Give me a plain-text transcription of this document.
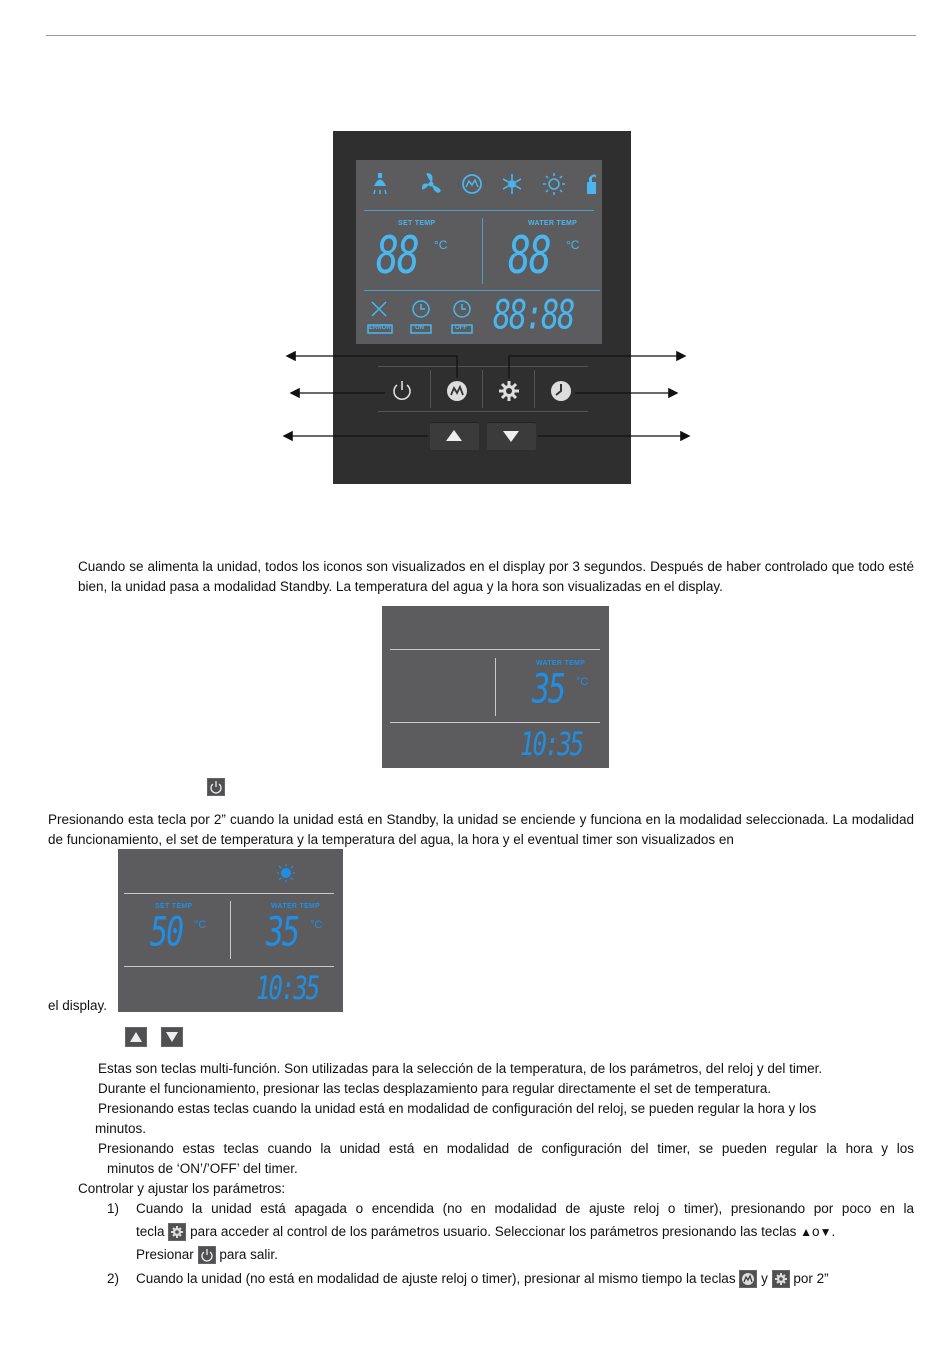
SET TEMP	WATER TEMP
88 °C 88 °C
ERROR	ON	OFF 88:88
Cuando se alimenta la unidad, todos los iconos son visualizados en el display por 3 segundos. Después de haber controlado que todo esté bien, la unidad pasa a modalidad Standby. La temperatura del agua y la hora son visualizadas en el display.
WATER TEMP
35 °C
10:35
Presionando esta tecla por 2” cuando la unidad está en Standby, la unidad se enciende y funciona en la modalidad seleccionada. La modalidad de funcionamiento, el set de temperatura y la temperatura del agua, la hora y el eventual timer son visualizados en
SET TEMP	WATER TEMP
50 °C 35 °C
10:35
el display.
Estas son teclas multi-función. Son utilizadas para la selección de la temperatura, de los parámetros, del reloj y del timer.
Durante el funcionamiento, presionar las teclas desplazamiento para regular directamente el set de temperatura.
Presionando estas teclas cuando la unidad está en modalidad de configuración del reloj, se pueden regular la hora y los
minutos.
Presionando estas teclas cuando la unidad está en modalidad de configuración del timer, se pueden regular la hora y los
minutos de ‘ON’/’OFF’ del timer.
Controlar y ajustar los parámetros:
1) Cuando la unidad está apagada o encendida (no en modalidad de ajuste reloj o timer), presionando por poco en la
tecla para acceder al control de los parámetros usuario. Seleccionar los parámetros presionando las teclas ▲o▼.
Presionar para salir.
2) Cuando la unidad (no está en modalidad de ajuste reloj o timer), presionar al mismo tiempo la teclas y por 2”
